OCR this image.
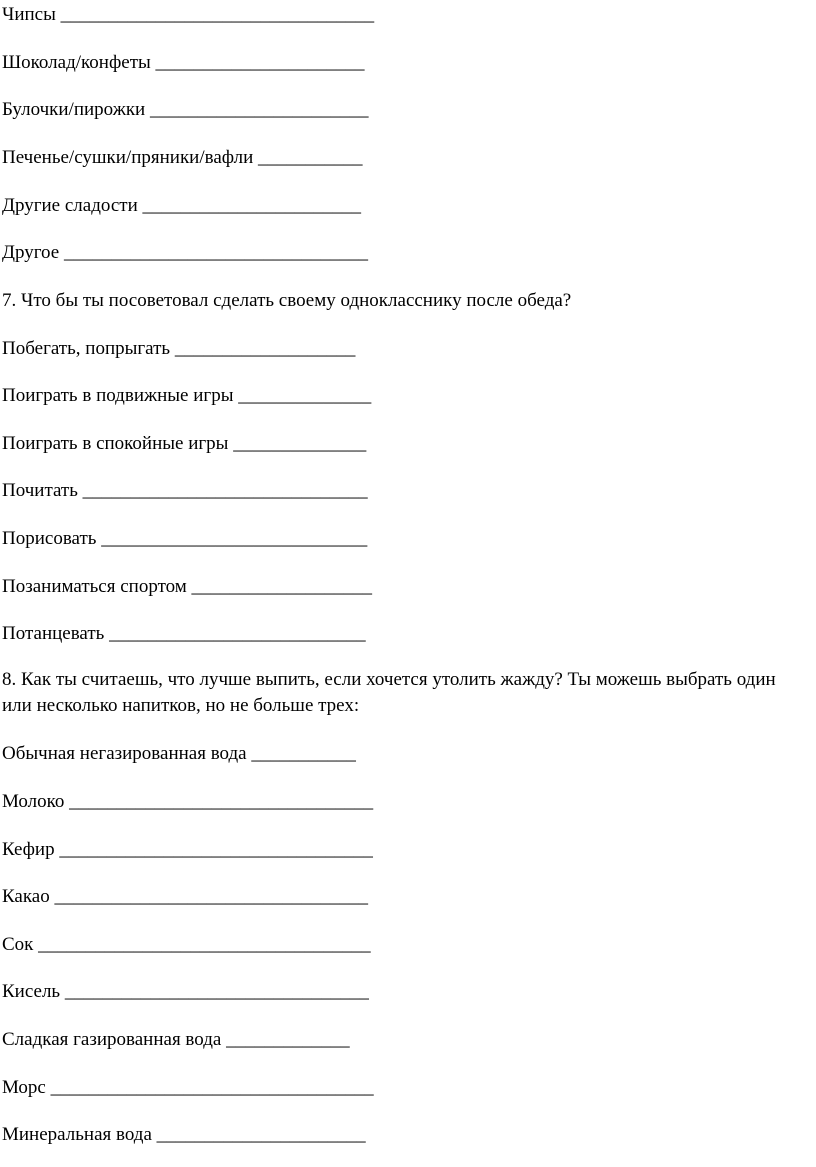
Чипсы _________________________________
Шоколад/конфеты ______________________
Булочки/пирожки _______________________
Печенье/сушки/пряники/вафли ___________
Другие сладости _______________________
Другое ________________________________
7. Что бы ты посоветовал сделать своему однокласснику после обеда?
Побегать, попрыгать ___________________
Поиграть в подвижные игры ______________
Поиграть в спокойные игры ______________
Почитать ______________________________
Порисовать ____________________________
Позаниматься спортом ___________________
Потанцевать ___________________________
8. Как ты считаешь, что лучше выпить, если хочется утолить жажду? Ты можешь выбрать один или несколько напитков, но не больше трех:
Обычная негазированная вода ___________
Молоко ________________________________
Кефир _________________________________
Какао _________________________________
Сок ___________________________________
Кисель ________________________________
Сладкая газированная вода _____________
Морс __________________________________
Минеральная вода ______________________
